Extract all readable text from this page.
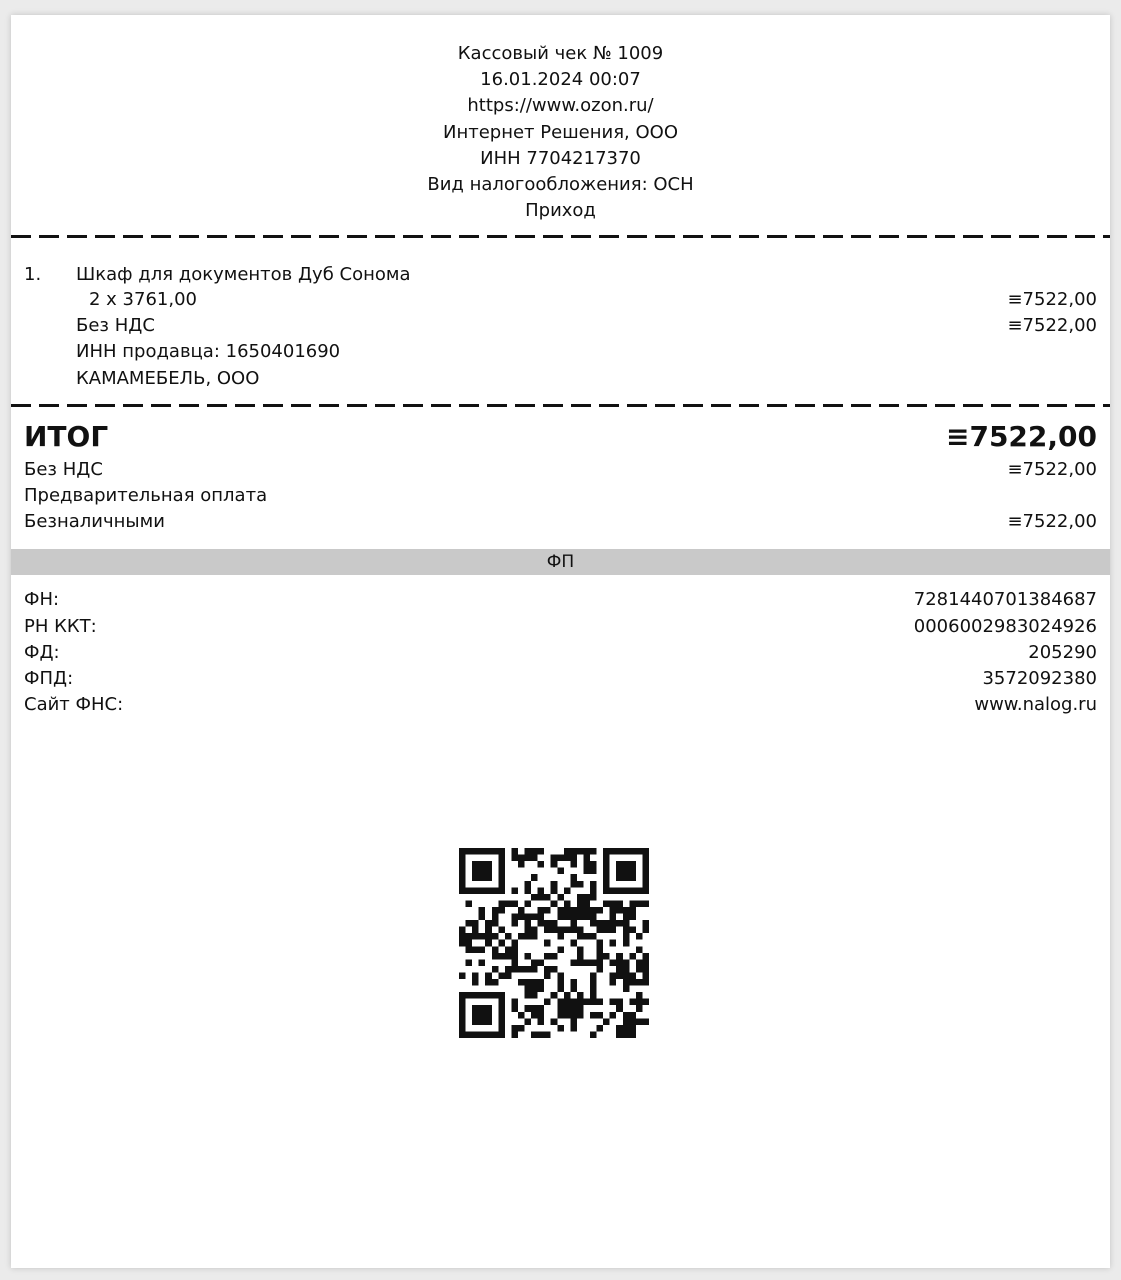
Кассовый чек № 1009
16.01.2024 00:07
https://www.ozon.ru/
Интернет Решения, ООО
ИНН 7704217370
Вид налогообложения: ОСН
Приход
1. Шкаф для документов Дуб Сонома
2 x 3761,00	≡7522,00
Без НДС	≡7522,00
ИНН продавца: 1650401690
КАМАМЕБЕЛЬ, ООО
ИТОГ	≡7522,00
Без НДС	≡7522,00
Предварительная оплата
Безналичными	≡7522,00
ФП
ФН:	7281440701384687
РН ККТ:	0006002983024926
ФД:	205290
ФПД:	3572092380
Сайт ФНС:	www.nalog.ru
